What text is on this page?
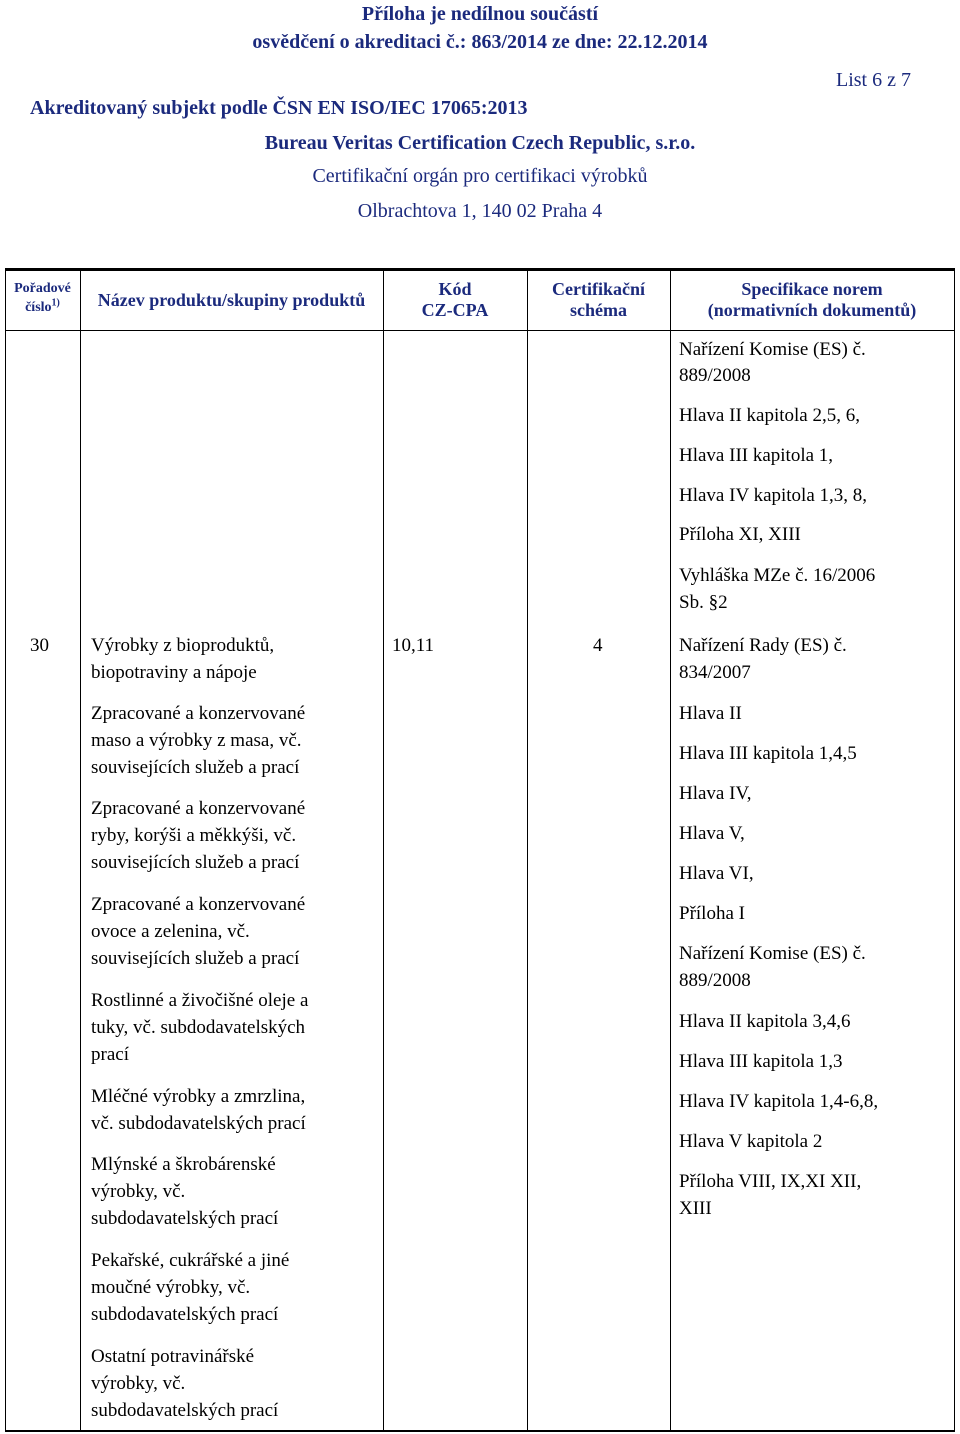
Příloha je nedílnou součástí
osvědčení o akreditaci č.: 863/2014 ze dne: 22.12.2014
List 6 z 7
Akreditovaný subjekt podle ČSN EN ISO/IEC 17065:2013
Bureau Veritas Certification Czech Republic, s.r.o.
Certifikační orgán pro certifikaci výrobků
Olbrachtova 1, 140 02 Praha 4
Pořadové
číslo$^{1)}$	Název produktu/skupiny produktů
Kód
CZ-CPA
Certifikační
schéma
Specifikace norem
(normativních dokumentů)
Nařízení Komise (ES) č.
889/2008
Hlava II kapitola 2,5, 6,
Hlava III kapitola 1,
Hlava IV kapitola 1,3, 8,
Příloha XI, XIII
Vyhláška MZe č. 16/2006
Sb. §2
30 Výrobky z bioproduktů,
biopotraviny a nápoje
10,11	4
Zpracované a konzervované
maso a výrobky z masa, vč.
souvisejících služeb a prací
Zpracované a konzervované
ryby, korýši a měkkýši, vč.
souvisejících služeb a prací
Zpracované a konzervované
ovoce a zelenina, vč.
souvisejících služeb a prací
Rostlinné a živočišné oleje a
tuky, vč. subdodavatelských
prací
Mléčné výrobky a zmrzlina,
vč. subdodavatelských prací
Mlýnské a škrobárenské
výrobky, vč.
subdodavatelských prací
Pekařské, cukrářské a jiné
moučné výrobky, vč.
subdodavatelských prací
Ostatní potravinářské
výrobky, vč.
subdodavatelských prací
Nařízení Rady (ES) č.
834/2007
Hlava II
Hlava III kapitola 1,4,5
Hlava IV,
Hlava V,
Hlava VI,
Příloha I
Nařízení Komise (ES) č.
889/2008
Hlava II kapitola 3,4,6
Hlava III kapitola 1,3
Hlava IV kapitola 1,4-6,8,
Hlava V kapitola 2
Příloha VIII, IX,XI XII,
XIII
